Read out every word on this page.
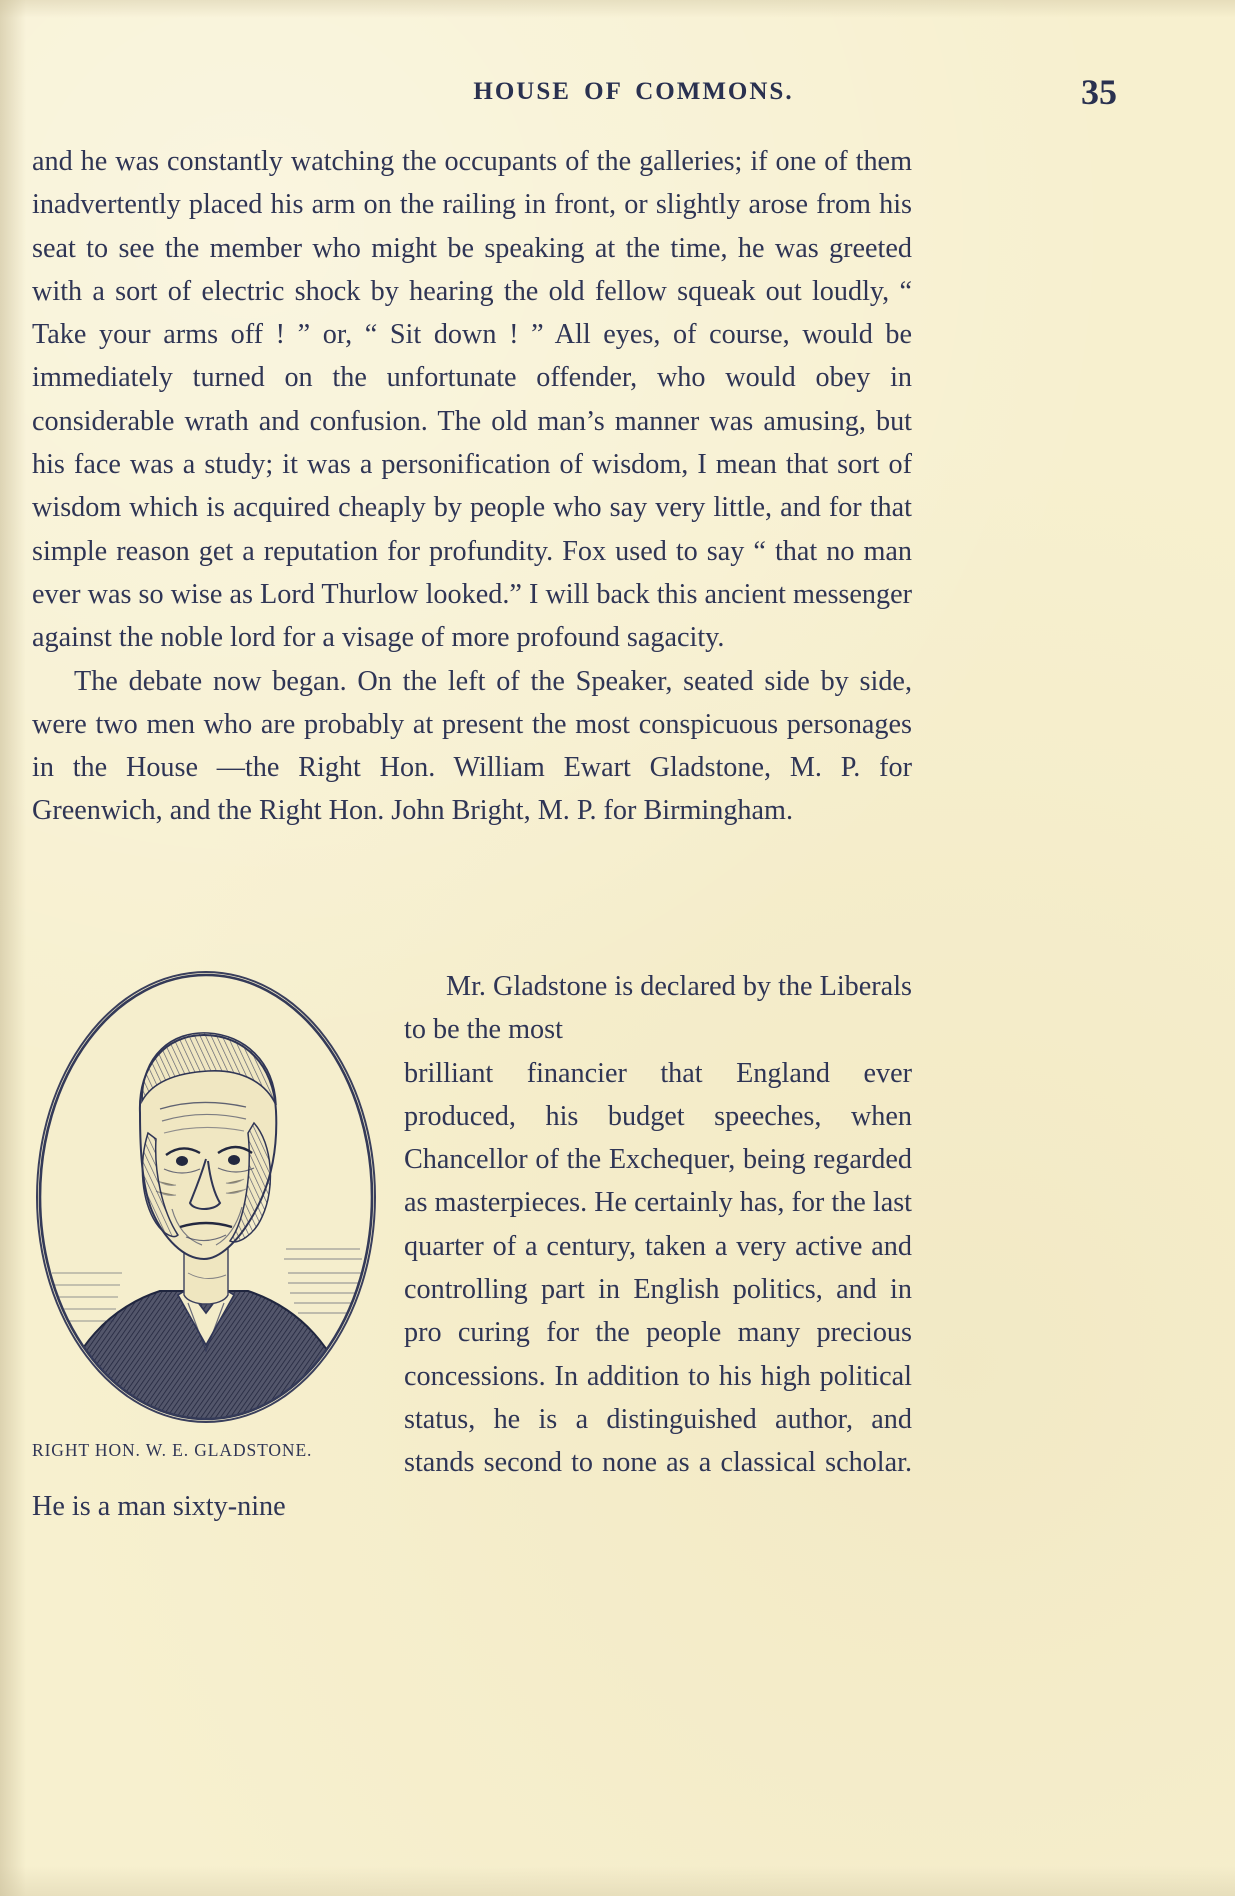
HOUSE OF COMMONS.	35

and he was constantly watching the occupants of the galleries; if one of them inadvertently placed his arm on the railing in front, or slightly arose from his seat to see the member who might be speaking at the time, he was greeted with a sort of electric shock by hearing the old fellow squeak out loudly, “ Take your arms off ! ” or, “ Sit down ! ” All eyes, of course, would be immediately turned on the unfortunate offender, who would obey in considerable wrath and confusion. The old man’s manner was amusing, but his face was a study; it was a personification of wisdom, I mean that sort of wisdom which is acquired cheaply by people who say very little, and for that simple reason get a reputation for profundity. Fox used to say “ that no man ever was so wise as Lord Thurlow looked.” I will back this ancient messenger against the noble lord for a visage of more profound sagacity.

The debate now began. On the left of the Speaker, seated side by side, were two men who are probably at present the most conspicuous personages in the House —the Right Hon. William Ewart Gladstone, M. P. for Greenwich, and the Right Hon. John Bright, M. P. for Birmingham.

RIGHT HON. W. E. GLADSTONE.

Mr. Gladstone is declared by the Liberals to be the most

brilliant financier that England ever produced, his budget speeches, when Chancellor of the Exchequer, being regarded as masterpieces. He certainly has, for the last quarter of a century, taken a very active and controlling part in English politics, and in pro curing for the people many precious concessions. In addition to his high political status, he is a distinguished author, and stands second to none as a classical scholar. He is a man sixty-nine
